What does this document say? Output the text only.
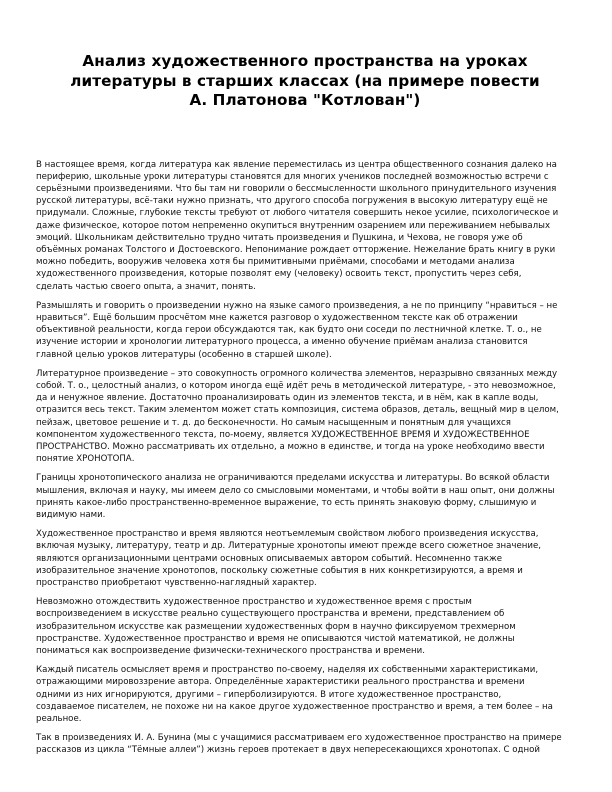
Анализ художественного пространства на уроках
литературы в старших классах (на примере повести
А. Платонова "Котлован")

В настоящее время, когда литература как явление переместилась из центра общественного сознания далеко на
периферию, школьные уроки литературы становятся для многих учеников последней возможностью встречи с
серьёзными произведениями. Что бы там ни говорили о бессмысленности школьного принудительного изучения
русской литературы, всё-таки нужно признать, что другого способа погружения в высокую литературу ещё не
придумали. Сложные, глубокие тексты требуют от любого читателя совершить некое усилие, психологическое и
даже физическое, которое потом непременно окупиться внутренним озарением или переживанием небывалых
эмоций. Школьникам действительно трудно читать произведения и Пушкина, и Чехова, не говоря уже об
объёмных романах Толстого и Достоевского. Непонимание рождает отторжение. Нежелание брать книгу в руки
можно победить, вооружив человека хотя бы примитивными приёмами, способами и методами анализа
художественного произведения, которые позволят ему (человеку) освоить текст, пропустить через себя,
сделать частью своего опыта, а значит, понять.

Размышлять и говорить о произведении нужно на языке самого произведения, а не по принципу “нравиться – не
нравиться”. Ещё большим просчётом мне кажется разговор о художественном тексте как об отражении
объективной реальности, когда герои обсуждаются так, как будто они соседи по лестничной клетке. Т. о., не
изучение истории и хронологии литературного процесса, а именно обучение приёмам анализа становится
главной целью уроков литературы (особенно в старшей школе).

Литературное произведение – это совокупность огромного количества элементов, неразрывно связанных между
собой. Т. о., целостный анализ, о котором иногда ещё идёт речь в методической литературе, - это невозможное,
да и ненужное явление. Достаточно проанализировать один из элементов текста, и в нём, как в капле воды,
отразится весь текст. Таким элементом может стать композиция, система образов, деталь, вещный мир в целом,
пейзаж, цветовое решение и т. д. до бесконечности. Но самым насыщенным и понятным для учащихся
компонентом художественного текста, по-моему, является ХУДОЖЕСТВЕННОЕ ВРЕМЯ И ХУДОЖЕСТВЕННОЕ
ПРОСТРАНСТВО. Можно рассматривать их отдельно, а можно в единстве, и тогда на уроке необходимо ввести
понятие ХРОНОТОПА.

Границы хронотопического анализа не ограничиваются пределами искусства и литературы. Во всякой области
мышления, включая и науку, мы имеем дело со смысловыми моментами, и чтобы войти в наш опыт, они должны
принять какое-либо пространственно-временное выражение, то есть принять знаковую форму, слышимую и
видимую нами.

Художественное пространство и время являются неотъемлемым свойством любого произведения искусства,
включая музыку, литературу, театр и др. Литературные хронотопы имеют прежде всего сюжетное значение,
являются организационными центрами основных описываемых автором событий. Несомненно также
изобразительное значение хронотопов, поскольку сюжетные события в них конкретизируются, а время и
пространство приобретают чувственно-наглядный характер.

Невозможно отождествить художественное пространство и художественное время с простым
воспроизведением в искусстве реально существующего пространства и времени, представлением об
изобразительном искусстве как размещении художественных форм в научно фиксируемом трехмерном
пространстве. Художественное пространство и время не описываются чистой математикой, не должны
пониматься как воспроизведение физически-технического пространства и времени.

Каждый писатель осмысляет время и пространство по-своему, наделяя их собственными характеристиками,
отражающими мировоззрение автора. Определённые характеристики реального пространства и времени
одними из них игнорируются, другими – гиперболизируются. В итоге художественное пространство,
создаваемое писателем, не похоже ни на какое другое художественное пространство и время, а тем более – на
реальное.

Так в произведениях И. А. Бунина (мы с учащимися рассматриваем его художественное пространство на примере
рассказов из цикла “Тёмные аллеи”) жизнь героев протекает в двух непересекающихся хронотопах. С одной
